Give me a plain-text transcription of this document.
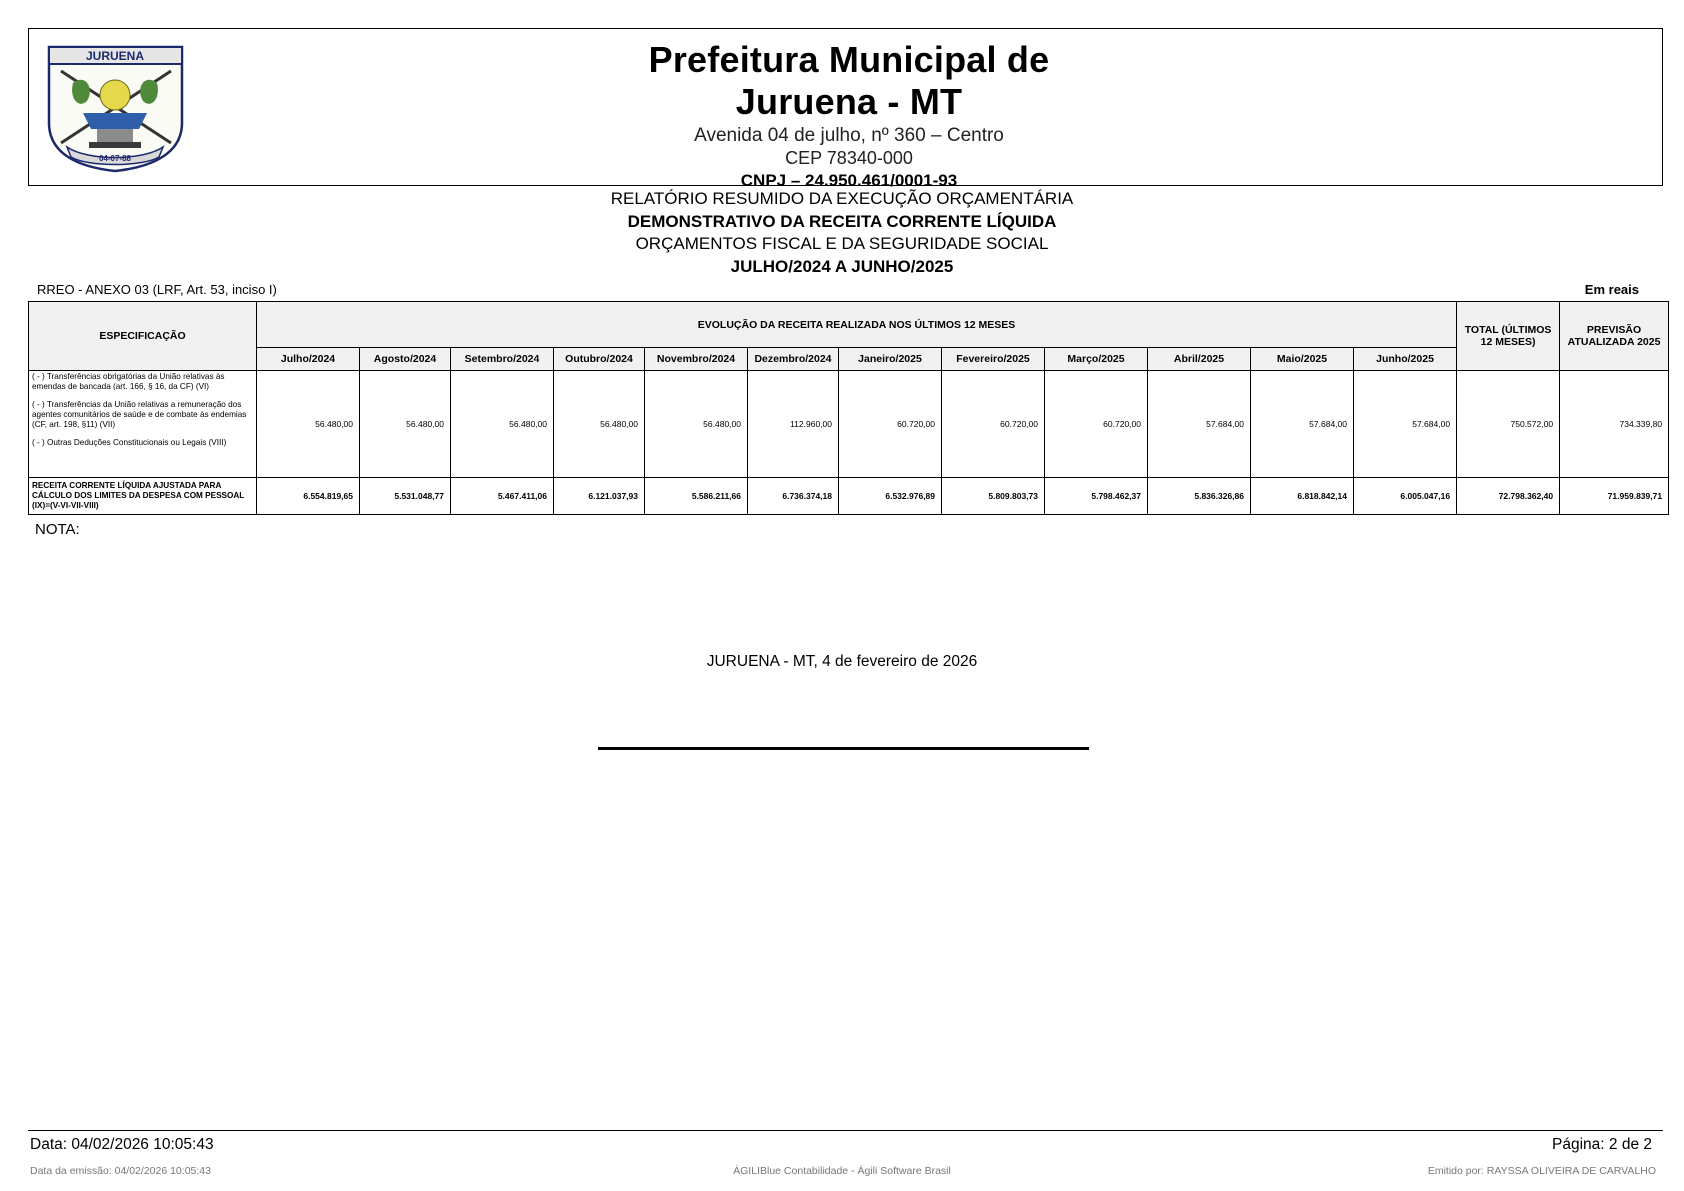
JURUENA
04-07-88
Prefeitura Municipal de Juruena - MT
Avenida 04 de julho, nº 360 – Centro
CEP 78340-000
CNPJ – 24.950.461/0001-93
RELATÓRIO RESUMIDO DA EXECUÇÃO ORÇAMENTÁRIA
DEMONSTRATIVO DA RECEITA CORRENTE LÍQUIDA
ORÇAMENTOS FISCAL E DA SEGURIDADE SOCIAL
JULHO/2024 A JUNHO/2025
RREO - ANEXO 03 (LRF, Art. 53, inciso I)	Em reais
ESPECIFICAÇÃO	EVOLUÇÃO DA RECEITA REALIZADA NOS ÚLTIMOS 12 MESES												TOTAL (ÚLTIMOS 12 MESES)	PREVISÃO ATUALIZADA 2025
	Julho/2024	Agosto/2024	Setembro/2024	Outubro/2024	Novembro/2024	Dezembro/2024	Janeiro/2025	Fevereiro/2025	Março/2025	Abril/2025	Maio/2025	Junho/2025		

( - ) Transferências obrigatórias da União relativas às emendas de bancada (art. 166, § 16, da CF) (VI)
( - ) Transferências da União relativas a remuneração dos agentes comunitários de saúde e de combate às endemias (CF, art. 198, §11) (VII)
( - ) Outras Deduções Constitucionais ou Legais (VIII)	56.480,00	56.480,00	56.480,00	56.480,00	56.480,00	112.960,00	60.720,00	60.720,00	60.720,00	57.684,00	57.684,00	57.684,00	750.572,00	734.339,80
RECEITA CORRENTE LÍQUIDA AJUSTADA PARA CÁLCULO DOS LIMITES DA DESPESA COM PESSOAL (IX)=(V-VI-VII-VIII)	6.554.819,65	5.531.048,77	5.467.411,06	6.121.037,93	5.586.211,66	6.736.374,18	6.532.976,89	5.809.803,73	5.798.462,37	5.836.326,86	6.818.842,14	6.005.047,16	72.798.362,40	71.959.839,71
NOTA:
JURUENA - MT, 4 de fevereiro de 2026
Data: 04/02/2026 10:05:43	Página: 2 de 2
Data da emissão: 04/02/2026 10:05:43	ÁGILIBlue Contabilidade - Ágili Software Brasil	Emitido por: RAYSSA OLIVEIRA DE CARVALHO
